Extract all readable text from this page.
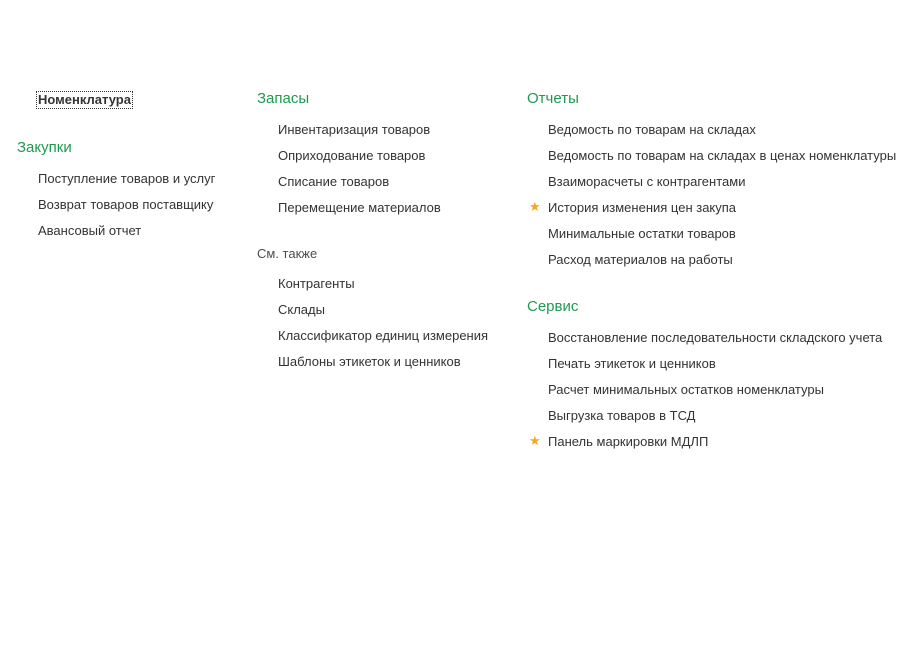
Номенклатура
Закупки
Поступление товаров и услуг
Возврат товаров поставщику
Авансовый отчет
Запасы
Инвентаризация товаров
Оприходование товаров
Списание товаров
Перемещение материалов
См. также
Контрагенты
Склады
Классификатор единиц измерения
Шаблоны этикеток и ценников
Отчеты
Ведомость по товарам на складах
Ведомость по товарам на складах в ценах номенклатуры
Взаиморасчеты с контрагентами
★ История изменения цен закупа
Минимальные остатки товаров
Расход материалов на работы
Сервис
Восстановление последовательности складского учета
Печать этикеток и ценников
Расчет минимальных остатков номенклатуры
Выгрузка товаров в ТСД
★ Панель маркировки МДЛП
